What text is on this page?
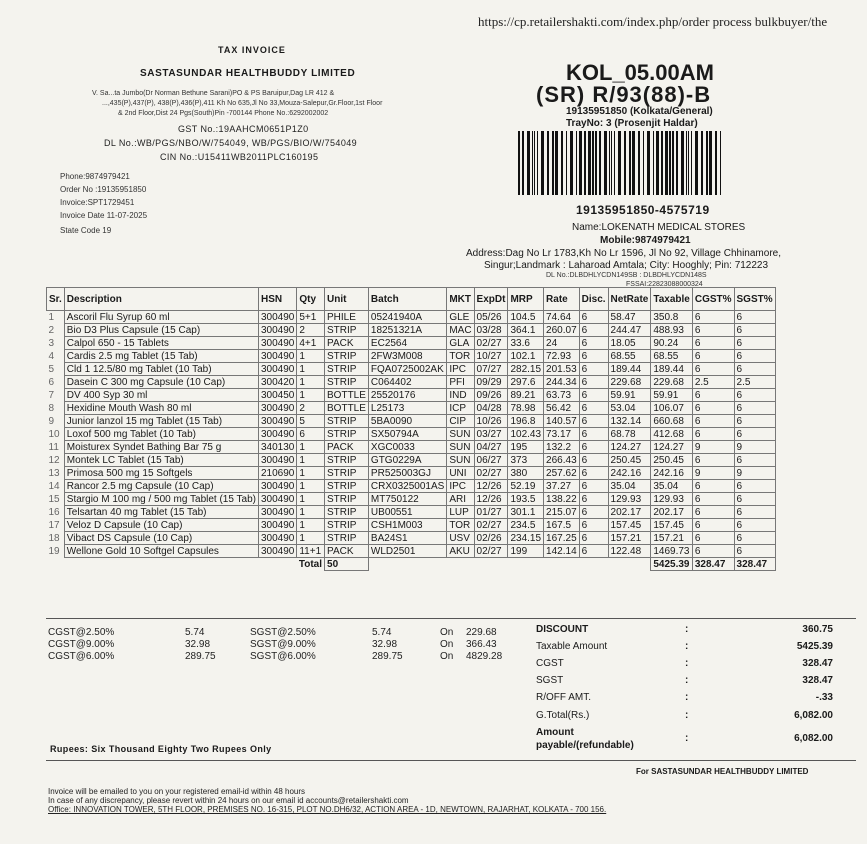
https://cp.retailershakti.com/index.php/order process bulkbuyer/the
TAX INVOICE
SASTASUNDAR HEALTHBUDDY LIMITED
V. Sa...ta Jumbo(Dr Norman Bethune Sarani)PO & PS Baruipur,Dag LR 412 &
...,435(P),437(P), 438(P),436(P),411 Kh No 635,Jl No 33,Mouza-Salepur,Gr.Floor,1st Floor
& 2nd Floor,Dist 24 Pgs(South)Pin -700144 Phone No.:6292002002
GST No.:19AAHCM0651P1Z0
DL No.:WB/PGS/NBO/W/754049, WB/PGS/BIO/W/754049
CIN No.:U15411WB2011PLC160195
Phone:9874979421
Order No :19135951850
Invoice:SPT1729451
Invoice Date 11-07-2025
State Code 19
KOL_05.00AM
(SR) R/93(88)-B
19135951850 (Kolkata/General)
TrayNo: 3 (Prosenjit Haldar)
19135951850-4575719
Name:LOKENATH MEDICAL STORES
Mobile:9874979421
Address:Dag No Lr 1783,Kh No Lr 1596, Jl No 92, Village Chhinamore,
Singur;Landmark : Laharoad Amtala; City: Hooghly; Pin: 712223
DL No.:DLBDHLYCDN149SB : DLBDHLYCDN148S
FSSAI:22823088000324
Sr.	Description	HSN	Qty	Unit	Batch	MKT	ExpDt	MRP	Rate	Disc.	NetRate	Taxable	CGST%	SGST%
1	Ascoril Flu Syrup 60 ml	300490	5+1	PHILE	05241940A	GLE	05/26	104.5	74.64	6	58.47	350.8	6	6
2	Bio D3 Plus Capsule (15 Cap)	300490	2	STRIP	18251321A	MAC	03/28	364.1	260.07	6	244.47	488.93	6	6
3	Calpol 650 - 15 Tablets	300490	4+1	PACK	EC2564	GLA	02/27	33.6	24	6	18.05	90.24	6	6
4	Cardis 2.5 mg Tablet (15 Tab)	300490	1	STRIP	2FW3M008	TOR	10/27	102.1	72.93	6	68.55	68.55	6	6
5	Cld 1 12.5/80 mg Tablet (10 Tab)	300490	1	STRIP	FQA0725002AK	IPC	07/27	282.15	201.53	6	189.44	189.44	6	6
6	Dasein C 300 mg Capsule (10 Cap)	300420	1	STRIP	C064402	PFI	09/29	297.6	244.34	6	229.68	229.68	2.5	2.5
7	DV 400 Syp 30 ml	300450	1	BOTTLE	25520176	IND	09/26	89.21	63.73	6	59.91	59.91	6	6
8	Hexidine Mouth Wash 80 ml	300490	2	BOTTLE	L25173	ICP	04/28	78.98	56.42	6	53.04	106.07	6	6
9	Junior lanzol 15 mg Tablet (15 Tab)	300490	5	STRIP	5BA0090	CIP	10/26	196.8	140.57	6	132.14	660.68	6	6
10	Loxof 500 mg Tablet (10 Tab)	300490	6	STRIP	SX50794A	SUN	03/27	102.43	73.17	6	68.78	412.68	6	6
11	Moisturex Syndet Bathing Bar 75 g	340130	1	PACK	XGC0033	SUN	04/27	195	132.2	6	124.27	124.27	9	9
12	Montek LC Tablet (15 Tab)	300490	1	STRIP	GTG0229A	SUN	06/27	373	266.43	6	250.45	250.45	6	6
13	Primosa 500 mg 15 Softgels	210690	1	STRIP	PR525003GJ	UNI	02/27	380	257.62	6	242.16	242.16	9	9
14	Rancor 2.5 mg Capsule (10 Cap)	300490	1	STRIP	CRX0325001AS	IPC	12/26	52.19	37.27	6	35.04	35.04	6	6
15	Stargio M 100 mg / 500 mg Tablet (15 Tab)	300490	1	STRIP	MT750122	ARI	12/26	193.5	138.22	6	129.93	129.93	6	6
16	Telsartan 40 mg Tablet (15 Tab)	300490	1	STRIP	UB00551	LUP	01/27	301.1	215.07	6	202.17	202.17	6	6
17	Veloz D Capsule (10 Cap)	300490	1	STRIP	CSH1M003	TOR	02/27	234.5	167.5	6	157.45	157.45	6	6
18	Vibact DS Capsule (10 Cap)	300490	1	STRIP	BA24S1	USV	02/26	234.15	167.25	6	157.21	157.21	6	6
19	Wellone Gold 10 Softgel Capsules	300490	11+1	PACK	WLD2501	AKU	02/27	199	142.14	6	122.48	1469.73	6	6
			Total	50								5425.39	328.47	328.47
CGST@2.50%	5.74	SGST@2.50%	5.74	On 229.68
CGST@9.00%	32.98	SGST@9.00%	32.98	On 366.43
CGST@6.00%	289.75	SGST@6.00%	289.75	On 4829.28
DISCOUNT	:	360.75
Taxable Amount	:	5425.39
CGST	:	328.47
SGST	:	328.47
R/OFF AMT.	:	-.33
G.Total(Rs.)	:	6,082.00
Amount
payable/(refundable)
:	6,082.00
Rupees: Six Thousand Eighty Two Rupees Only
For SASTASUNDAR HEALTHBUDDY LIMITED
Invoice will be emailed to you on your registered email-id within 48 hours
In case of any discrepancy, please revert within 24 hours on our email id accounts@retailershakti.com
Office: INNOVATION TOWER, 5TH FLOOR, PREMISES NO. 16-315, PLOT NO.DH6/32, ACTION AREA - 1D, NEWTOWN, RAJARHAT, KOLKATA - 700 156.
